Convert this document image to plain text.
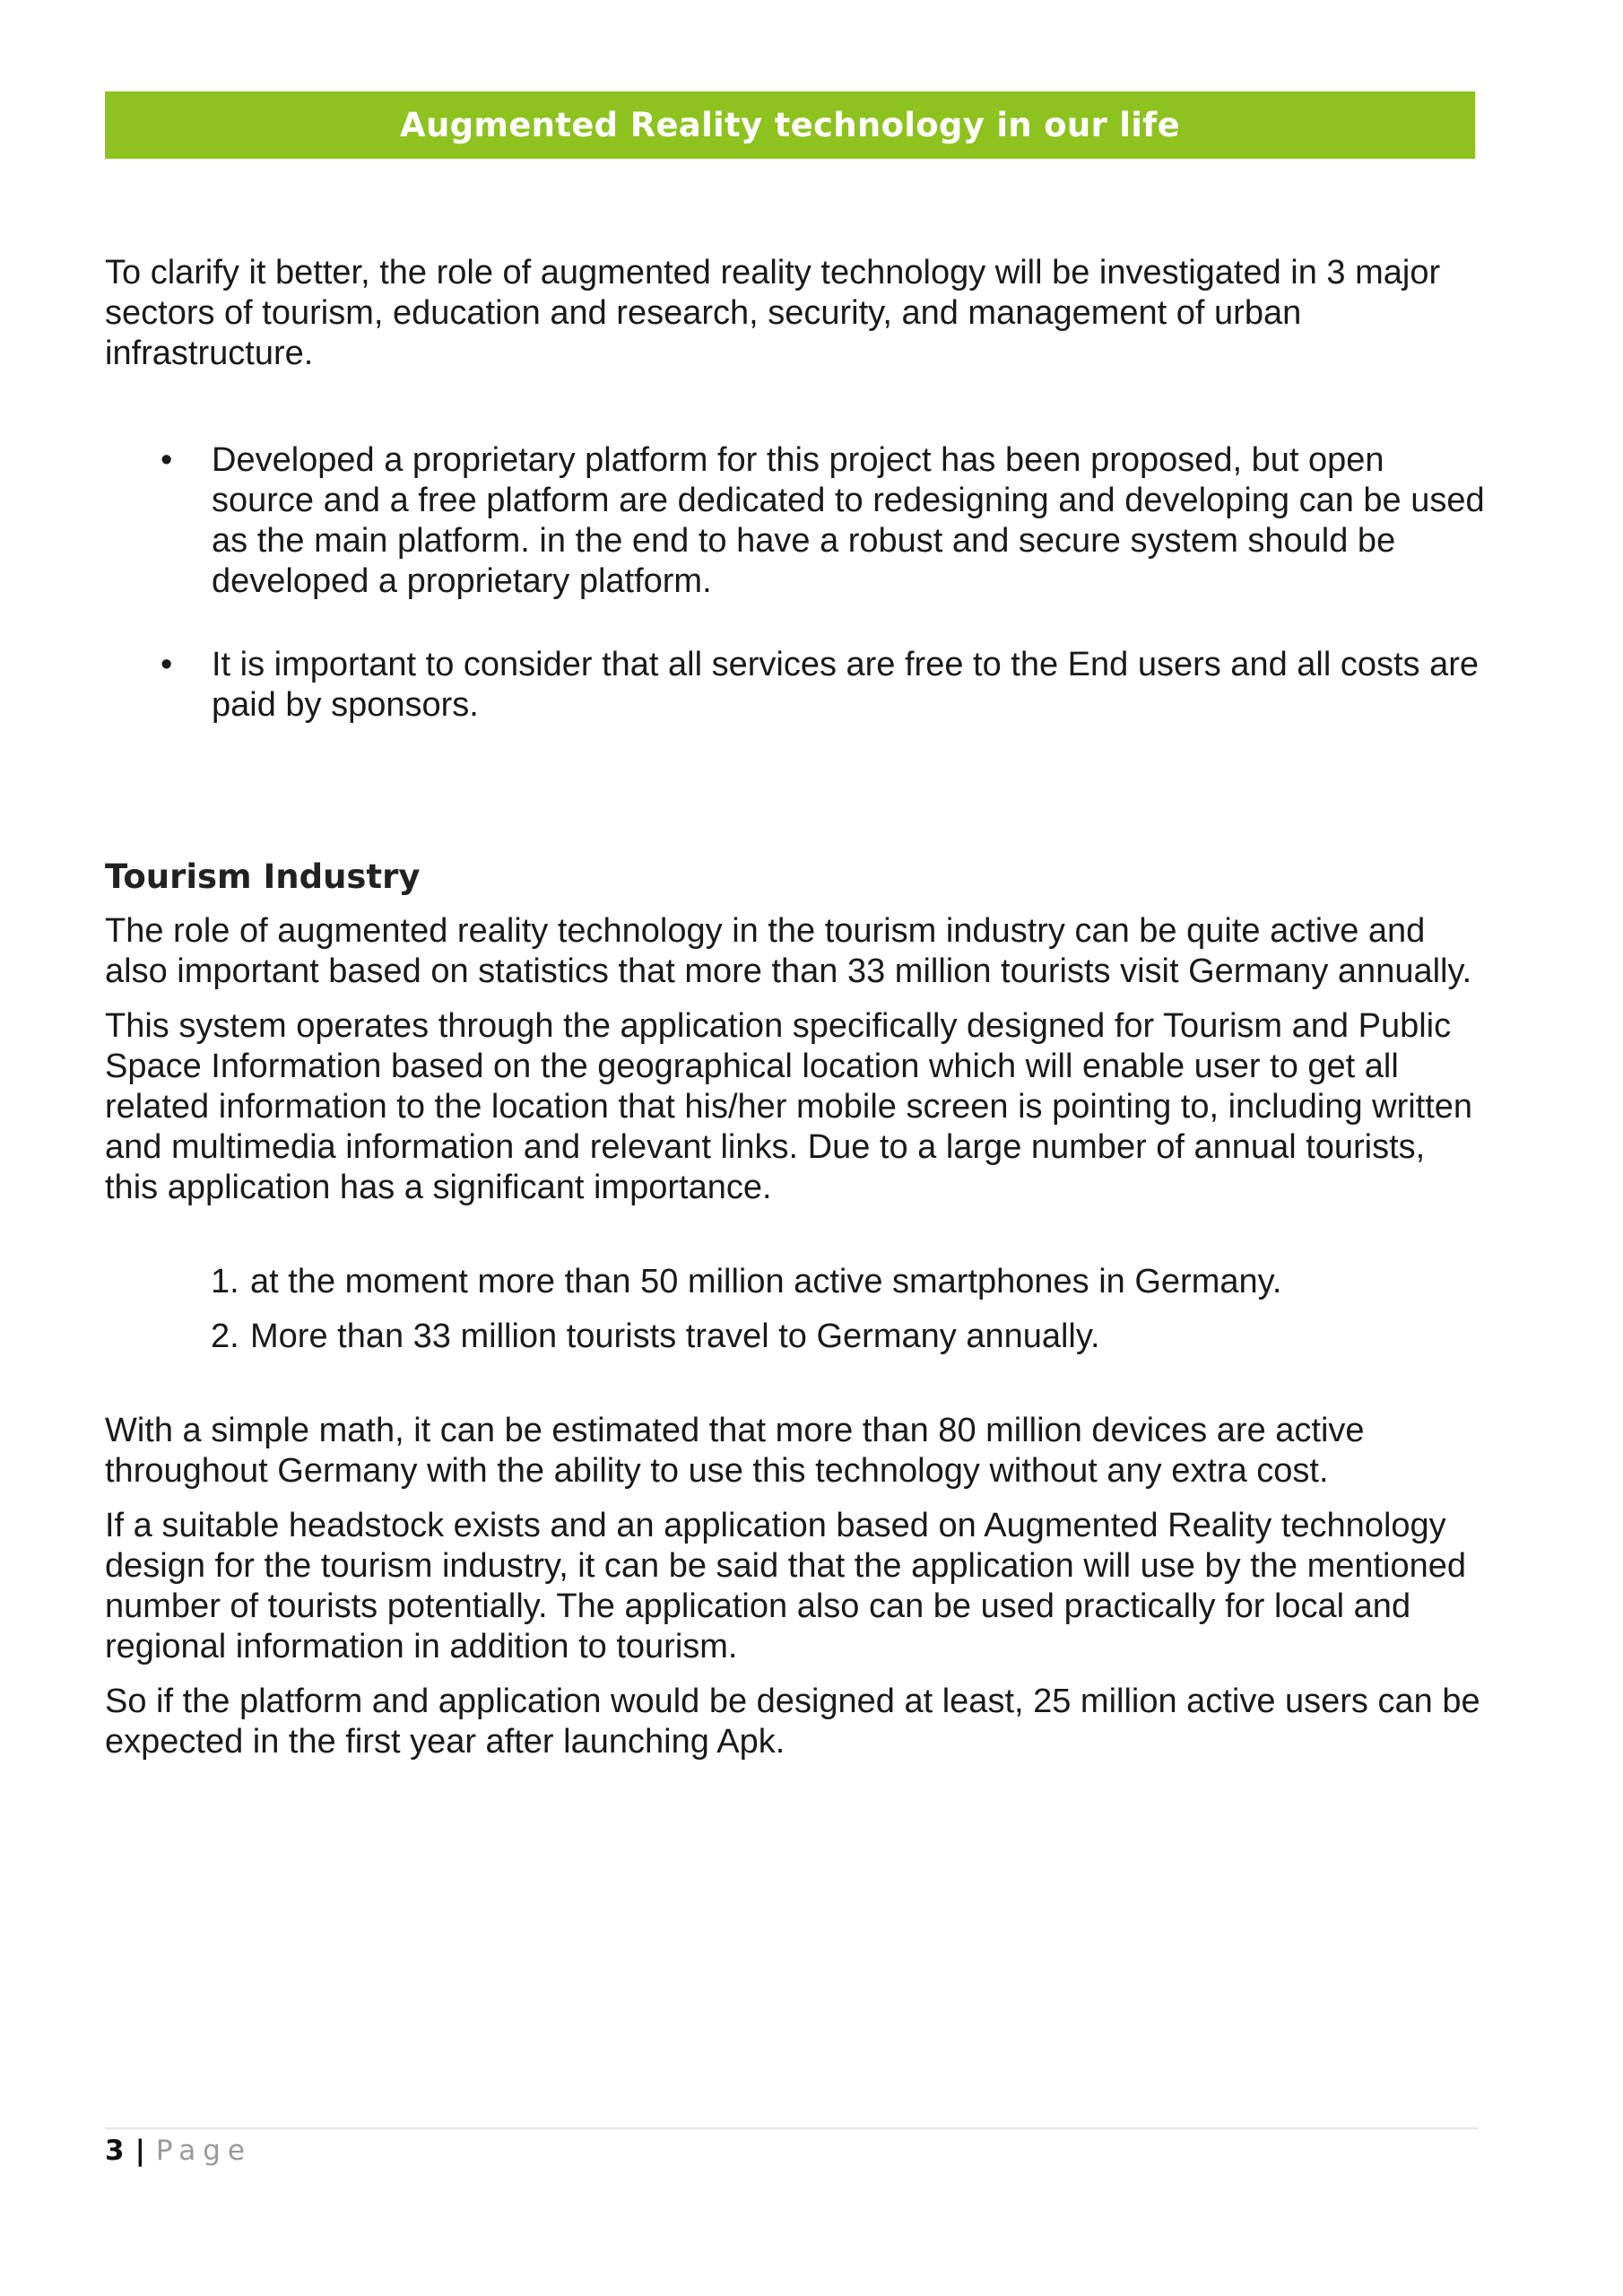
Augmented Reality technology in our life

To clarify it better, the role of augmented reality technology will be investigated in 3 major sectors of tourism, education and research, security, and management of urban infrastructure.

• Developed a proprietary platform for this project has been proposed, but open source and a free platform are dedicated to redesigning and developing can be used as the main platform. in the end to have a robust and secure system should be developed a proprietary platform.
• It is important to consider that all services are free to the End users and all costs are paid by sponsors.
Tourism Industry

The role of augmented reality technology in the tourism industry can be quite active and also important based on statistics that more than 33 million tourists visit Germany annually.

This system operates through the application specifically designed for Tourism and Public Space Information based on the geographical location which will enable user to get all related information to the location that his/her mobile screen is pointing to, including written and multimedia information and relevant links. Due to a large number of annual tourists, this application has a significant importance.

1. at the moment more than 50 million active smartphones in Germany.
2. More than 33 million tourists travel to Germany annually.

With a simple math, it can be estimated that more than 80 million devices are active throughout Germany with the ability to use this technology without any extra cost.

If a suitable headstock exists and an application based on Augmented Reality technology design for the tourism industry, it can be said that the application will use by the mentioned number of tourists potentially. The application also can be used practically for local and regional information in addition to tourism.

So if the platform and application would be designed at least, 25 million active users can be expected in the first year after launching Apk.

3 | Page
